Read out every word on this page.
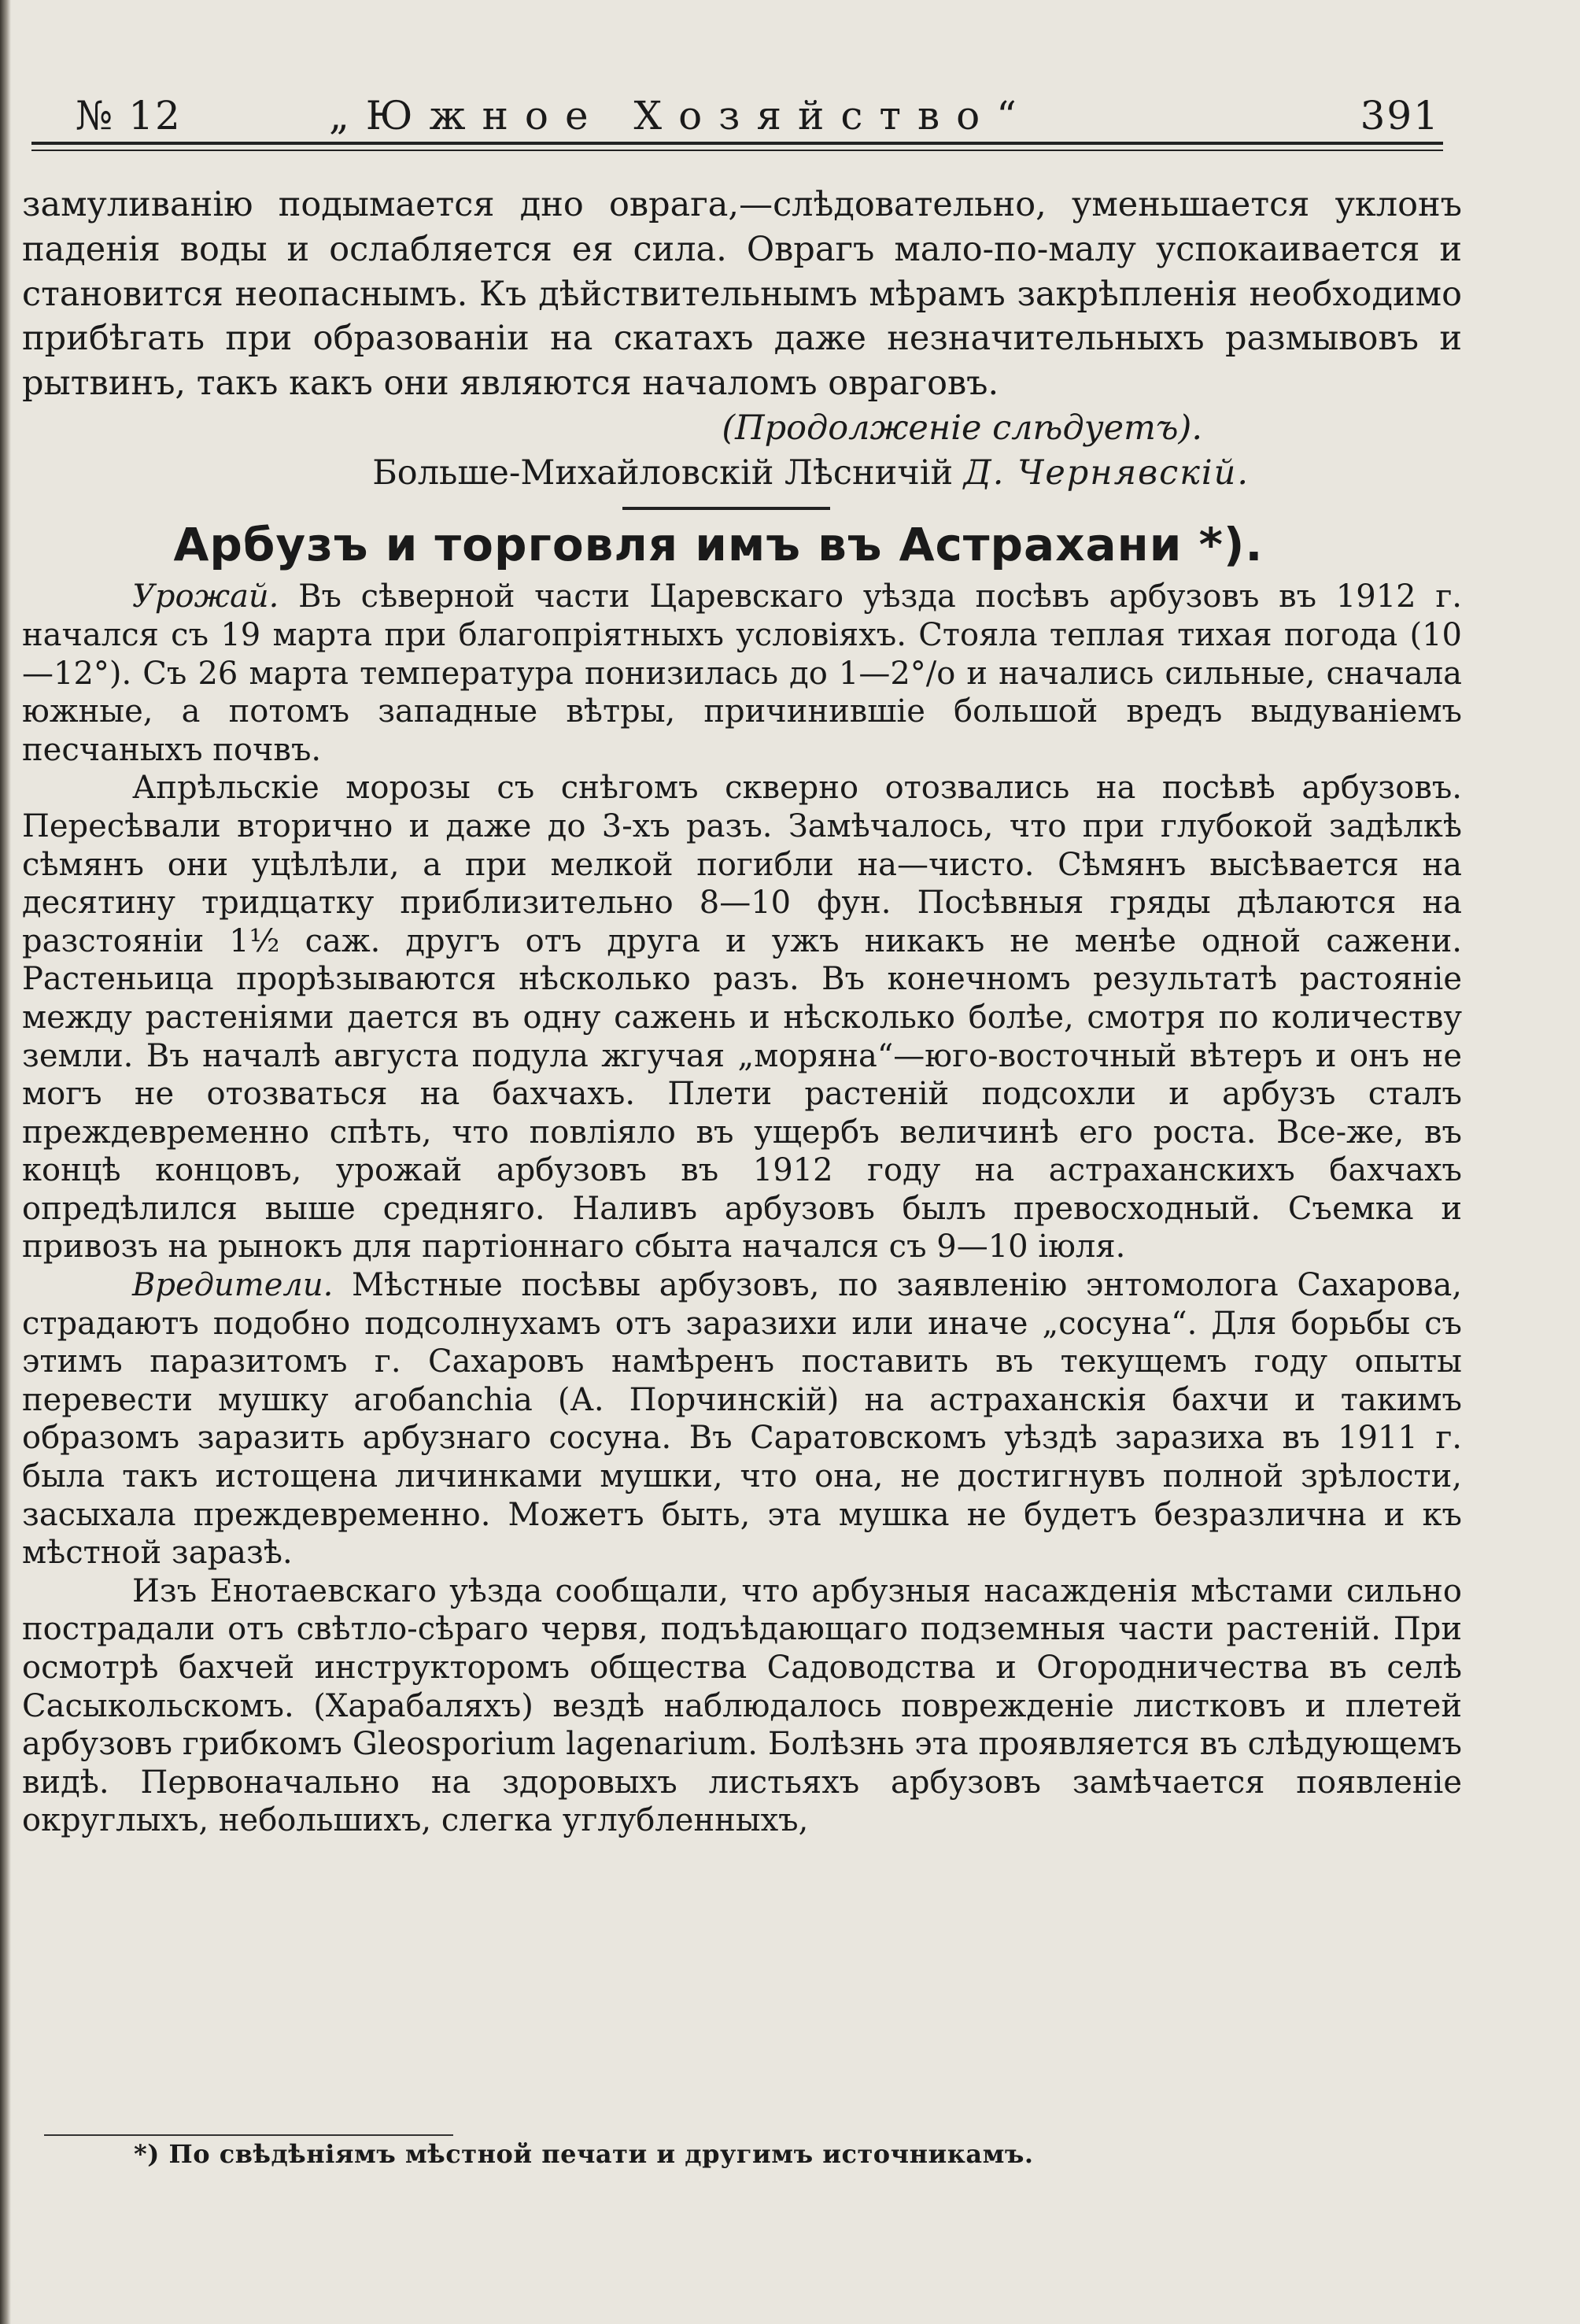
№ 12	„Южное Хозяйство“	391

замуливанію подымается дно оврага,—слѣдовательно, уменьшается уклонъ паденія воды и ослабляется ея сила. Оврагъ мало-по-малу успокаивается и становится неопаснымъ. Къ дѣйствительнымъ мѣрамъ закрѣпленія необходимо прибѣгать при образованіи на скатахъ даже незначительныхъ размывовъ и рытвинъ, такъ какъ они являются началомъ овраговъ.

(Продолженіе слѣдуетъ).

Больше-Михайловскій Лѣсничій Д. Чернявскій.

Арбузъ и торговля имъ въ Астрахани *).

Урожай. Въ сѣверной части Царевскаго уѣзда посѣвъ арбузовъ въ 1912 г. начался съ 19 марта при благопріятныхъ условіяхъ. Стояла теплая тихая погода (10—12°). Съ 26 марта температура понизилась до 1—2°/о и начались сильные, сначала южные, а потомъ западные вѣтры, причинившіе большой вредъ выдуваніемъ песчаныхъ почвъ.

Апрѣльскіе морозы съ снѣгомъ скверно отозвались на посѣвѣ арбузовъ. Пересѣвали вторично и даже до 3-хъ разъ. Замѣчалось, что при глубокой задѣлкѣ сѣмянъ они уцѣлѣли, а при мелкой погибли на—чисто. Сѣмянъ высѣвается на десятину тридцатку приблизительно 8—10 фун. Посѣвныя гряды дѣлаются на разстояніи 1½ саж. другъ отъ друга и ужъ никакъ не менѣе одной сажени. Растеньица прорѣзываются нѣсколько разъ. Въ конечномъ результатѣ растояніе между растеніями дается въ одну сажень и нѣсколько болѣе, смотря по количеству земли. Въ началѣ августа подула жгучая „моряна“—юго-восточный вѣтеръ и онъ не могъ не отозваться на бахчахъ. Плети растеній подсохли и арбузъ сталъ преждевременно спѣть, что повліяло въ ущербъ величинѣ его роста. Все-же, въ концѣ концовъ, урожай арбузовъ въ 1912 году на астраханскихъ бахчахъ опредѣлился выше средняго. Наливъ арбузовъ былъ превосходный. Съемка и привозъ на рынокъ для партіоннаго сбыта начался съ 9—10 іюля.

Вредители. Мѣстные посѣвы арбузовъ, по заявленію энтомолога Сахарова, страдаютъ подобно подсолнухамъ отъ заразихи или иначе „сосуна“. Для борьбы съ этимъ паразитомъ г. Сахаровъ намѣренъ поставить въ текущемъ году опыты перевести мушку агобаnchia (А. Порчинскій) на астраханскія бахчи и такимъ образомъ заразить арбузнаго сосуна. Въ Саратовскомъ уѣздѣ заразиха въ 1911 г. была такъ истощена личинками мушки, что она, не достигнувъ полной зрѣлости, засыхала преждевременно. Можетъ быть, эта мушка не будетъ безразлична и къ мѣстной заразѣ.

Изъ Енотаевскаго уѣзда сообщали, что арбузныя насажденія мѣстами сильно пострадали отъ свѣтло-сѣраго червя, подъѣдающаго подземныя части растеній. При осмотрѣ бахчей инструкторомъ общества Садоводства и Огородничества въ селѣ Сасыкольскомъ. (Харабаляхъ) вездѣ наблюдалось поврежденіе листковъ и плетей арбузовъ грибкомъ Gleosporium lagenarium. Болѣзнь эта проявляется въ слѣдующемъ видѣ. Первоначально на здоровыхъ листьяхъ арбузовъ замѣчается появленіе округлыхъ, небольшихъ, слегка углубленныхъ,

*) По свѣдѣніямъ мѣстной печати и другимъ источникамъ.
